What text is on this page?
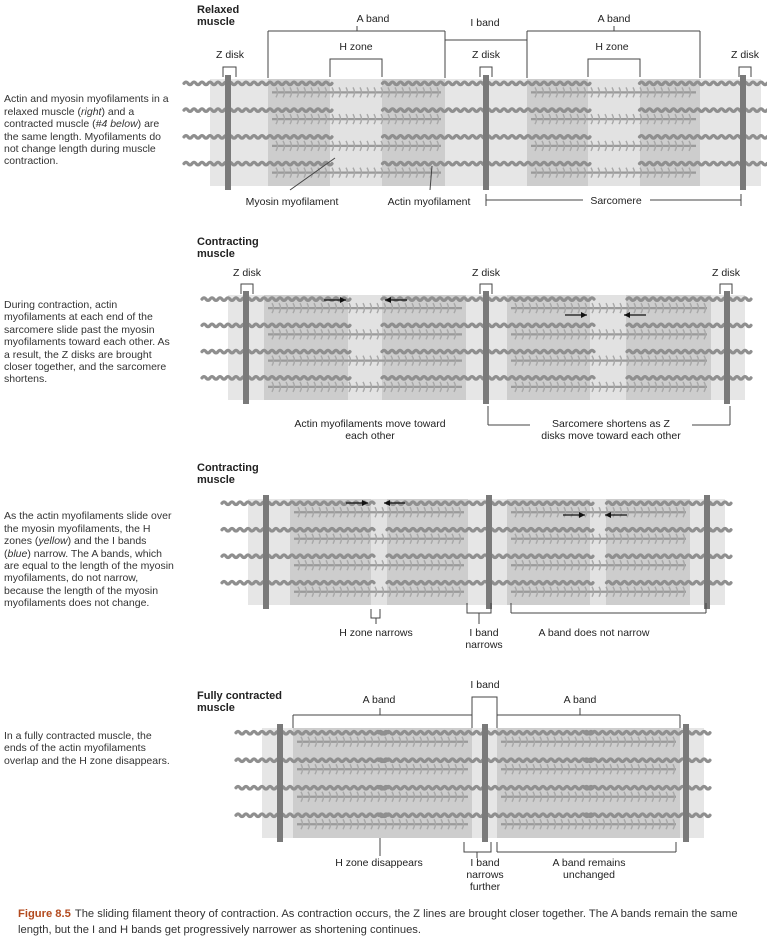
Actin and myosin myofilaments in a relaxed muscle (right) and a contracted muscle (#4 below) are the same length. Myofilaments do not change length during muscle contraction.

During contraction, actin myofilaments at each end of the sarcomere slide past the myosin myofilaments toward each other. As a result, the Z disks are brought closer together, and the sarcomere shortens.

As the actin myofilaments slide over the myosin myofilaments, the H zones (yellow) and the I bands (blue) narrow. The A bands, which are equal to the length of the myosin myofilaments, do not narrow, because the length of the myosin myofilaments does not change.

In a fully contracted muscle, the ends of the actin myofilaments overlap and the H zone disappears.
Relaxed
muscle
Contracting
muscle
Contracting
muscle
Fully contracted
muscle
A band	I band	A band
Z disk
H zone
Z disk
H zone
Z disk
Myosin myofilament	Actin myofilament	Sarcomere
Z disk	Z disk	Z disk
Actin myofilaments move toward each other
Sarcomere shortens as Z disks move toward each other
H zone narrows	I band narrows
A band does not narrow
I band
A band	A band
H zone disappears	I band narrows further
A band remains unchanged
Figure 8.5 The sliding filament theory of contraction. As contraction occurs, the Z lines are brought closer together. The A bands remain the same length, but the I and H bands get progressively narrower as shortening continues.
